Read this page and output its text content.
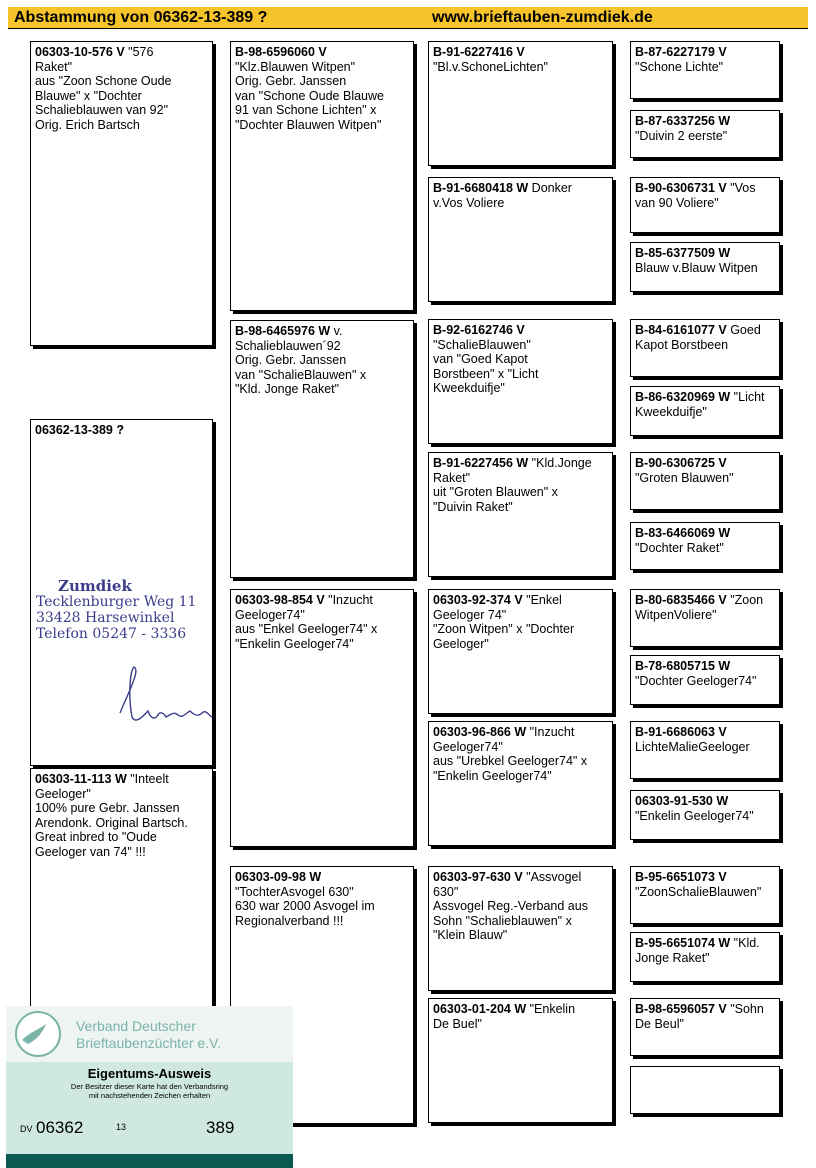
Abstammung von 06362-13-389 ?	www.brieftauben-zumdiek.de
06362-13-389 ?
06303-10-576 V "576
Raket"
aus "Zoon Schone Oude
Blauwe" x "Dochter
Schalieblauwen van 92"
Orig. Erich Bartsch
06303-11-113 W "Inteelt
Geeloger"
100% pure Gebr. Janssen
Arendonk. Original Bartsch.
Great inbred to "Oude
Geeloger van 74" !!!
B-98-6596060 V
"Klz.Blauwen Witpen"
Orig. Gebr. Janssen
van "Schone Oude Blauwe
91 van Schone Lichten" x
"Dochter Blauwen Witpen"
B-98-6465976 W v.
Schalieblauwen´92
Orig. Gebr. Janssen
van "SchalieBlauwen" x
"Kld. Jonge Raket"
06303-98-854 V "Inzucht
Geeloger74"
aus "Enkel Geeloger74" x
"Enkelin Geeloger74"
06303-09-98 W
"TochterAsvogel 630"
630 war 2000 Asvogel im
Regionalverband !!!
B-91-6227416 V
"Bl.v.SchoneLichten"
B-91-6680418 W Donker
v.Vos Voliere
B-92-6162746 V
"SchalieBlauwen"
van "Goed Kapot
Borstbeen" x "Licht
Kweekduifje"
B-91-6227456 W "Kld.Jonge
Raket"
uit "Groten Blauwen" x
"Duivin Raket"
06303-92-374 V "Enkel
Geeloger 74"
"Zoon Witpen" x "Dochter
Geeloger"
06303-96-866 W "Inzucht
Geeloger74"
aus "Urebkel Geeloger74" x
"Enkelin Geeloger74"
06303-97-630 V "Assvogel
630"
Assvogel Reg.-Verband aus
Sohn "Schalieblauwen" x
"Klein Blauw"
06303-01-204 W "Enkelin
De Buel"
B-87-6227179 V
"Schone Lichte"
B-87-6337256 W
"Duivin 2 eerste"
B-90-6306731 V "Vos
van 90 Voliere"
B-85-6377509 W
Blauw v.Blauw Witpen
B-84-6161077 V Goed
Kapot Borstbeen
B-86-6320969 W "Licht
Kweekduifje"
B-90-6306725 V
"Groten Blauwen"
B-83-6466069 W
"Dochter Raket"
B-80-6835466 V "Zoon
WitpenVoliere"
B-78-6805715 W
"Dochter Geeloger74"
B-91-6686063 V
LichteMalieGeeloger
06303-91-530 W
"Enkelin Geeloger74"
B-95-6651073 V
"ZoonSchalieBlauwen"
B-95-6651074 W "Kld.
Jonge Raket"
B-98-6596057 V "Sohn
De Beul"
Zumdiek
Tecklenburger Weg 11
33428 Harsewinkel
Telefon 05247 - 3336
Verband Deutscher
Brieftaubenzüchter e.V.
Eigentums-Ausweis
Der Besitzer dieser Karte hat den Verbandsring
mit nachstehenden Zeichen erhalten
DV 06362	13	389
